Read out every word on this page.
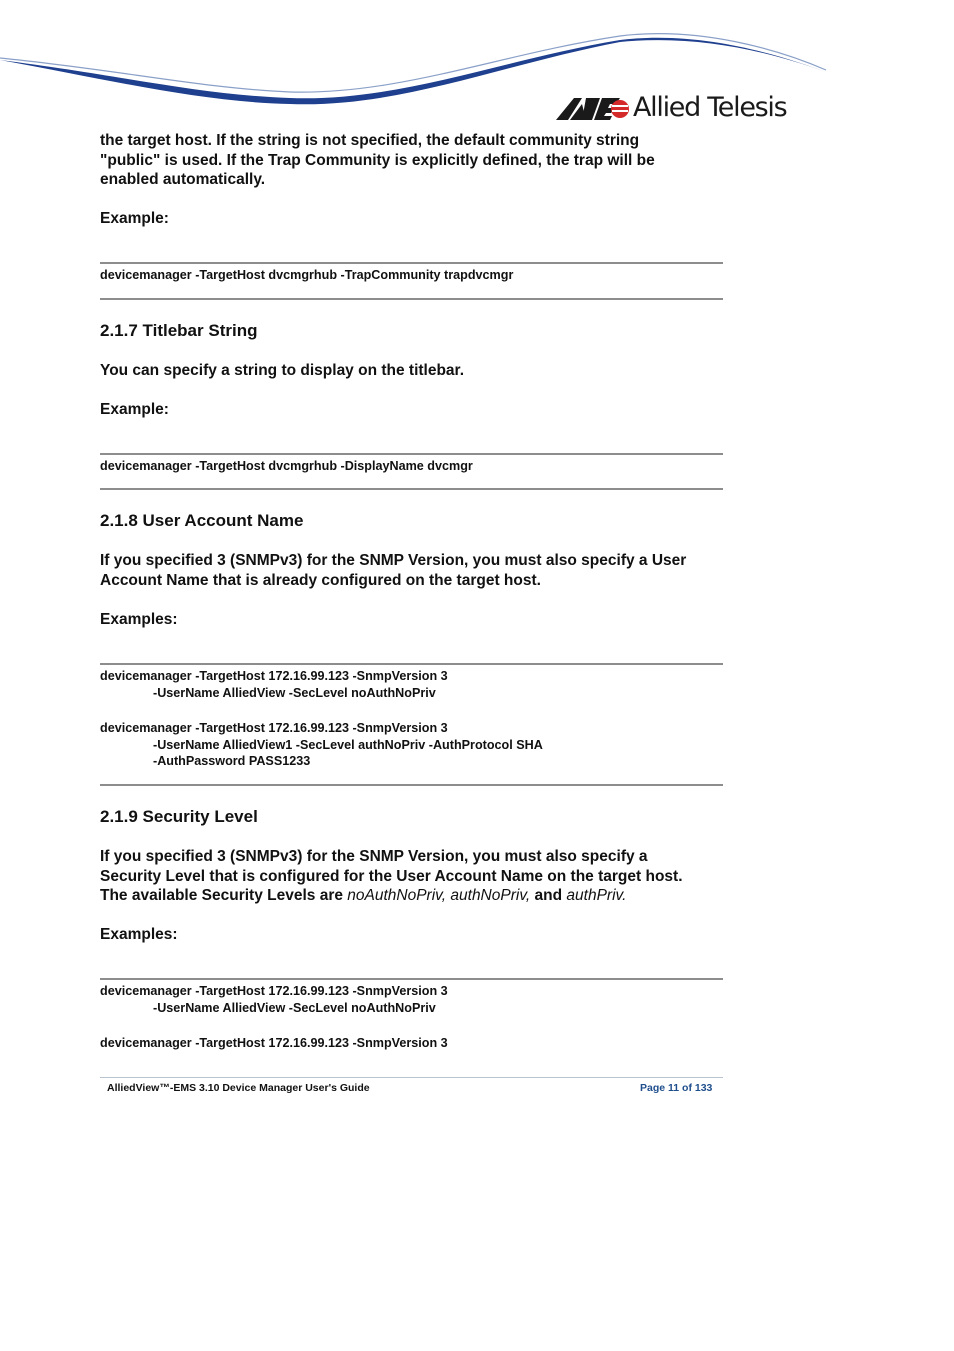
Allied Telesis
the target host. If the string is not specified, the default community string
"public" is used. If the Trap Community is explicitly defined, the trap will be
enabled automatically.
Example:
devicemanager -TargetHost dvcmgrhub -TrapCommunity trapdvcmgr
2.1.7 Titlebar String
You can specify a string to display on the titlebar.
Example:
devicemanager -TargetHost dvcmgrhub -DisplayName dvcmgr
2.1.8 User Account Name
If you specified 3 (SNMPv3) for the SNMP Version, you must also specify a User
Account Name that is already configured on the target host.
Examples:
devicemanager -TargetHost 172.16.99.123 -SnmpVersion 3
-UserName AlliedView -SecLevel noAuthNoPriv
devicemanager -TargetHost 172.16.99.123 -SnmpVersion 3
-UserName AlliedView1 -SecLevel authNoPriv -AuthProtocol SHA
-AuthPassword PASS1233
2.1.9 Security Level
If you specified 3 (SNMPv3) for the SNMP Version, you must also specify a
Security Level that is configured for the User Account Name on the target host.
The available Security Levels are noAuthNoPriv, authNoPriv, and authPriv.
Examples:
devicemanager -TargetHost 172.16.99.123 -SnmpVersion 3
-UserName AlliedView -SecLevel noAuthNoPriv
devicemanager -TargetHost 172.16.99.123 -SnmpVersion 3
AlliedView™-EMS 3.10 Device Manager User's Guide	Page 11 of 133
